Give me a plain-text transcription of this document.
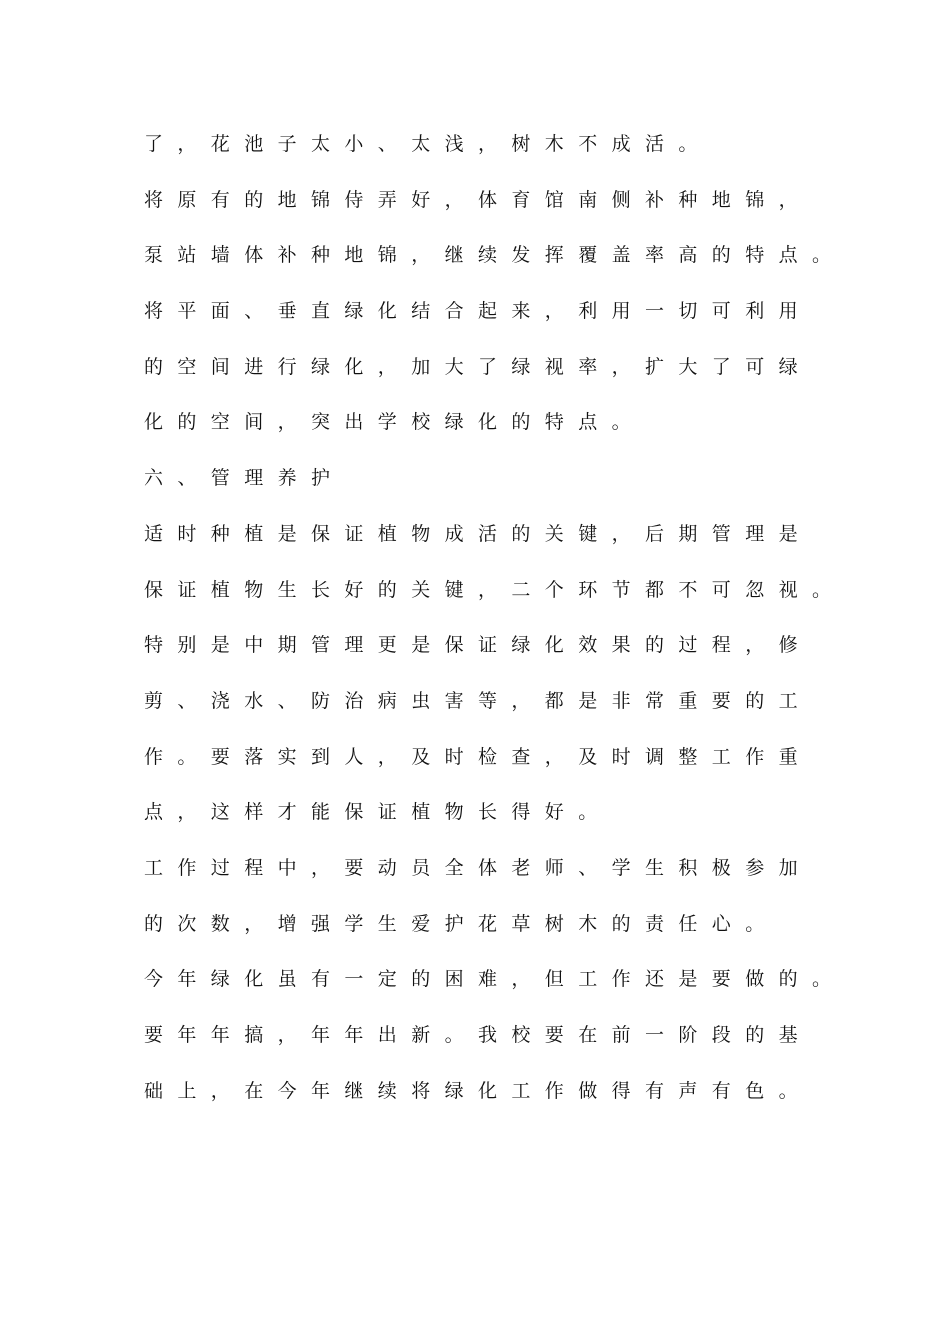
了，花池子太小、太浅，树木不成活。
将原有的地锦侍弄好，体育馆南侧补种地锦，
泵站墙体补种地锦，继续发挥覆盖率高的特点。
将平面、垂直绿化结合起来，利用一切可利用
的空间进行绿化，加大了绿视率，扩大了可绿
化的空间，突出学校绿化的特点。
六、管理养护
适时种植是保证植物成活的关键，后期管理是
保证植物生长好的关键，二个环节都不可忽视。
特别是中期管理更是保证绿化效果的过程，修
剪、浇水、防治病虫害等，都是非常重要的工
作。要落实到人，及时检查，及时调整工作重
点，这样才能保证植物长得好。
工作过程中，要动员全体老师、学生积极参加
的次数，增强学生爱护花草树木的责任心。
今年绿化虽有一定的困难，但工作还是要做的。
要年年搞，年年出新。我校要在前一阶段的基
础上，在今年继续将绿化工作做得有声有色。
